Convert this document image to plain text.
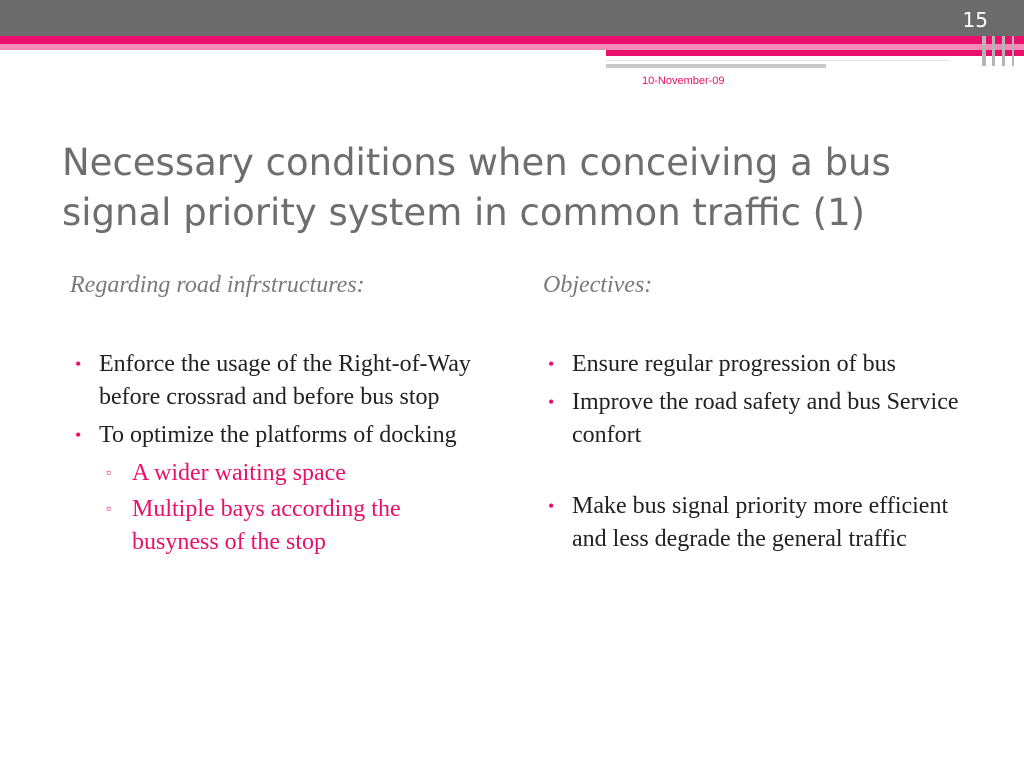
15
10-November-09
Necessary conditions when conceiving a bus
signal priority system in common traffic (1)
Regarding road infrstructures:
• Enforce the usage of the Right-of-Way before crossrad and before bus stop
• To optimize the platforms of docking
▫ A wider waiting space
▫ Multiple bays according the busyness of the stop
Objectives:
• Ensure regular progression of bus
• Improve the road safety and bus Service confort
• Make bus signal priority more efficient and less degrade the general traffic
